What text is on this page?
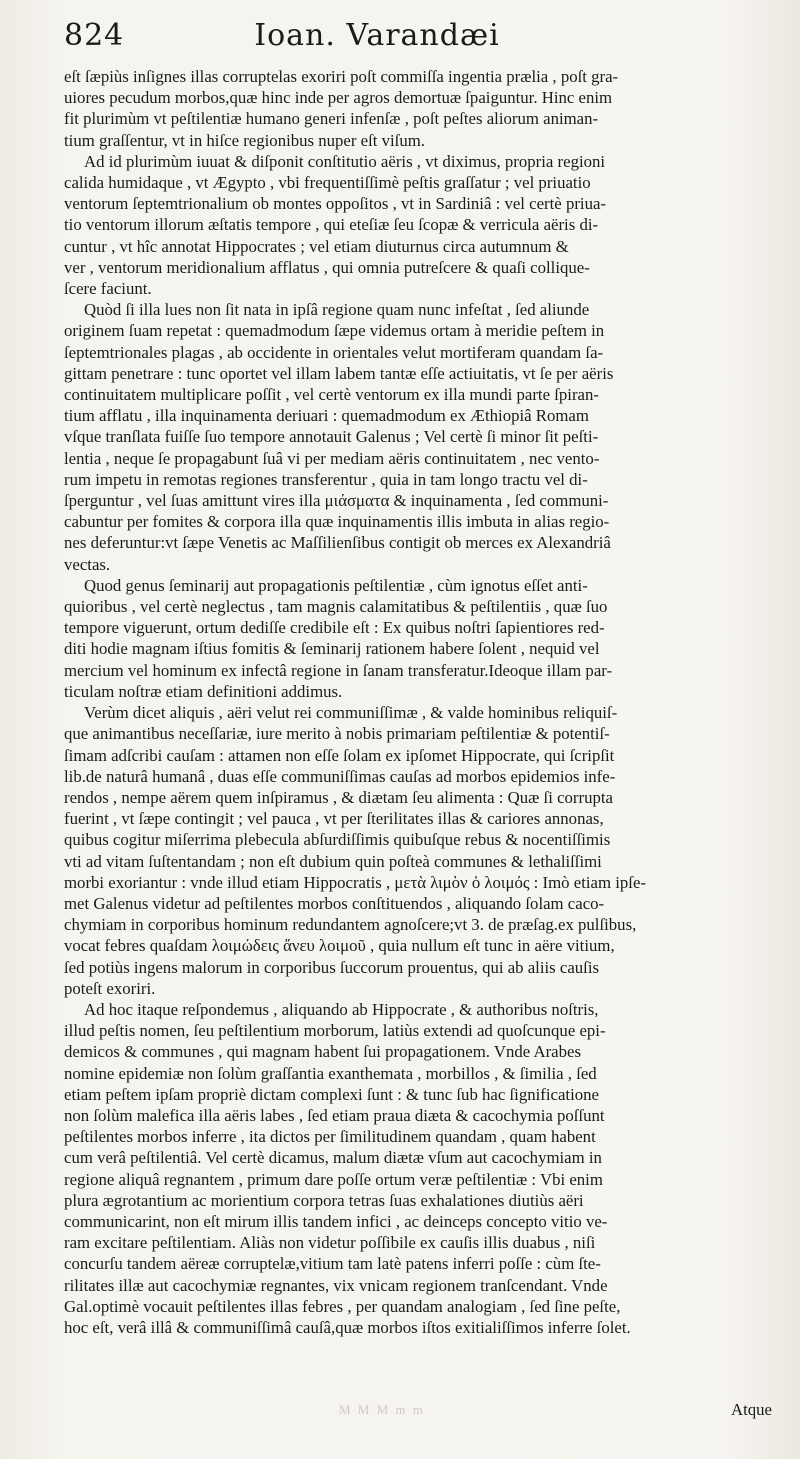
824	Ioan. Varandæi

eſt ſæpiùs inſignes illas corruptelas exoriri poſt commiſſa ingentia prælia , poſt gra-
uiores pecudum morbos,quæ hinc inde per agros demortuæ ſpaiguntur. Hinc enim
fit plurimùm vt peſtilentiæ humano generi infenſæ , poſt peſtes aliorum animan-
tium graſſentur, vt in hiſce regionibus nuper eſt viſum.

Ad id plurimùm iuuat & diſponit conſtitutio aëris , vt diximus, propria regioni
calida humidaque , vt Ægypto , vbi frequentiſſimè peſtis graſſatur ; vel priuatio
ventorum ſeptemtrionalium ob montes oppoſitos , vt in Sardiniâ : vel certè priua-
tio ventorum illorum æſtatis tempore , qui eteſiæ ſeu ſcopæ & verricula aëris di-
cuntur , vt hîc annotat Hippocrates ; vel etiam diuturnus circa autumnum &
ver , ventorum meridionalium afflatus , qui omnia putreſcere & quaſi collique-
ſcere faciunt.

Quòd ſi illa lues non ſit nata in ipſâ regione quam nunc infeſtat , ſed aliunde
originem ſuam repetat : quemadmodum ſæpe videmus ortam à meridie peſtem in
ſeptemtrionales plagas , ab occidente in orientales velut mortiferam quandam ſa-
gittam penetrare : tunc oportet vel illam labem tantæ eſſe actiuitatis, vt ſe per aëris
continuitatem multiplicare poſſit , vel certè ventorum ex illa mundi parte ſpiran-
tium afflatu , illa inquinamenta deriuari : quemadmodum ex Æthiopiâ Romam
vſque tranſlata fuiſſe ſuo tempore annotauit Galenus ; Vel certè ſi minor ſit peſti-
lentia , neque ſe propagabunt ſuâ vi per mediam aëris continuitatem , nec vento-
rum impetu in remotas regiones transferentur , quia in tam longo tractu vel di-
ſperguntur , vel ſuas amittunt vires illa μιάσματα & inquinamenta , ſed communi-
cabuntur per fomites & corpora illa quæ inquinamentis illis imbuta in alias regio-
nes deferuntur:vt ſæpe Venetis ac Maſſilienſibus contigit ob merces ex Alexandriâ
vectas.

Quod genus ſeminarij aut propagationis peſtilentiæ , cùm ignotus eſſet anti-
quioribus , vel certè neglectus , tam magnis calamitatibus & peſtilentiis , quæ ſuo
tempore viguerunt, ortum dediſſe credibile eſt : Ex quibus noſtri ſapientiores red-
diti hodie magnam iſtius fomitis & ſeminarij rationem habere ſolent , nequid vel
mercium vel hominum ex infectâ regione in ſanam transferatur.Ideoque illam par-
ticulam noſtræ etiam definitioni addimus.

Verùm dicet aliquis , aëri velut rei communiſſimæ , & valde hominibus reliquiſ-
que animantibus neceſſariæ, iure merito à nobis primariam peſtilentiæ & potentiſ-
ſimam adſcribi cauſam : attamen non eſſe ſolam ex ipſomet Hippocrate, qui ſcripſit
lib.de naturâ humanâ , duas eſſe communiſſimas cauſas ad morbos epidemios infe-
rendos , nempe aërem quem inſpiramus , & diætam ſeu alimenta : Quæ ſi corrupta
fuerint , vt ſæpe contingit ; vel pauca , vt per ſterilitates illas & cariores annonas,
quibus cogitur miſerrima plebecula abſurdiſſimis quibuſque rebus & nocentiſſimis
vti ad vitam ſuſtentandam ; non eſt dubium quin poſteà communes & lethaliſſimi
morbi exoriantur : vnde illud etiam Hippocratis , μετὰ λιμὸν ὁ λοιμός : Imò etiam ipſe-
met Galenus videtur ad peſtilentes morbos conſtituendos , aliquando ſolam caco-
chymiam in corporibus hominum redundantem agnoſcere;vt 3. de præſag.ex pulſibus,
vocat febres quaſdam λοιμώδεις ἄνευ λοιμοῦ , quia nullum eſt tunc in aëre vitium,
ſed potiùs ingens malorum in corporibus ſuccorum prouentus, qui ab aliis cauſis
poteſt exoriri.

Ad hoc itaque reſpondemus , aliquando ab Hippocrate , & authoribus noſtris,
illud peſtis nomen, ſeu peſtilentium morborum, latiùs extendi ad quoſcunque epi-
demicos & communes , qui magnam habent ſui propagationem. Vnde Arabes
nomine epidemiæ non ſolùm graſſantia exanthemata , morbillos , & ſimilia , ſed
etiam peſtem ipſam propriè dictam complexi ſunt : & tunc ſub hac ſignificatione
non ſolùm malefica illa aëris labes , ſed etiam praua diæta & cacochymia poſſunt
peſtilentes morbos inferre , ita dictos per ſimilitudinem quandam , quam habent
cum verâ peſtilentiâ. Vel certè dicamus, malum diætæ vſum aut cacochymiam in
regione aliquâ regnantem , primum dare poſſe ortum veræ peſtilentiæ : Vbi enim
plura ægrotantium ac morientium corpora tetras ſuas exhalationes diutiùs aëri
communicarint, non eſt mirum illis tandem infici , ac deinceps concepto vitio ve-
ram excitare peſtilentiam. Aliàs non videtur poſſibile ex cauſis illis duabus , niſi
concurſu tandem aëreæ corruptelæ,vitium tam latè patens inferri poſſe : cùm ſte-
rilitates illæ aut cacochymiæ regnantes, vix vnicam regionem tranſcendant. Vnde
Gal.optimè vocauit peſtilentes illas febres , per quandam analogiam , ſed ſine peſte,
hoc eſt, verâ illâ & communiſſimâ cauſâ,quæ morbos iſtos exitialiſſimos inferre ſolet.

M M M m m	Atque
